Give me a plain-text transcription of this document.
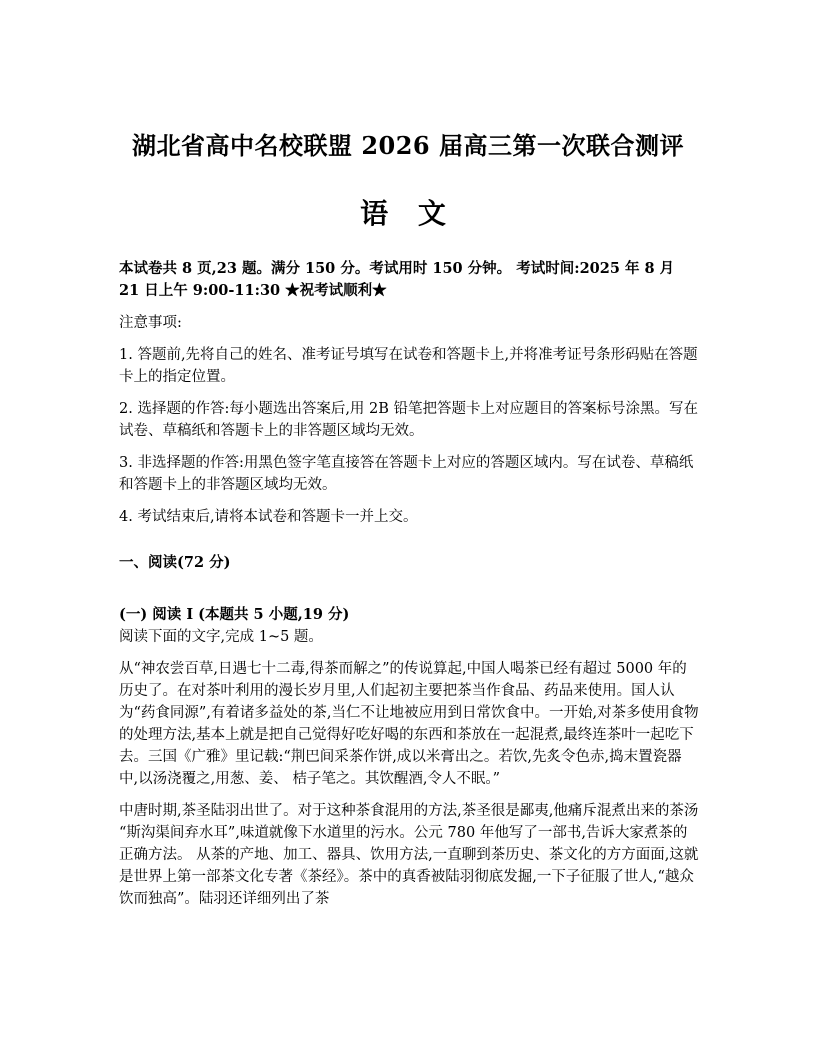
湖北省高中名校联盟 2026 届高三第一次联合测评
语 文

本试卷共 8 页,23 题。满分 150 分。考试用时 150 分钟。 考试时间:2025 年 8 月 21 日上午 9:00-11:30 ★祝考试顺利★

注意事项:

1. 答题前,先将自己的姓名、准考证号填写在试卷和答题卡上,并将准考证号条形码贴在答题卡上的指定位置。

2. 选择题的作答:每小题选出答案后,用 2B 铅笔把答题卡上对应题目的答案标号涂黑。写在试卷、草稿纸和答题卡上的非答题区域均无效。

3. 非选择题的作答:用黑色签字笔直接答在答题卡上对应的答题区域内。写在试卷、草稿纸和答题卡上的非答题区域均无效。

4. 考试结束后,请将本试卷和答题卡一并上交。

一、阅读(72 分)

(一) 阅读 I (本题共 5 小题,19 分)

阅读下面的文字,完成 1~5 题。

从“神农尝百草,日遇七十二毒,得茶而解之”的传说算起,中国人喝茶已经有超过 5000 年的历史了。在对茶叶利用的漫长岁月里,人们起初主要把茶当作食品、药品来使用。国人认为“药食同源”,有着诸多益处的茶,当仁不让地被应用到日常饮食中。一开始,对茶多使用食物的处理方法,基本上就是把自己觉得好吃好喝的东西和茶放在一起混煮,最终连茶叶一起吃下去。三国《广雅》里记载:“荆巴间采茶作饼,成以米膏出之。若饮,先炙令色赤,捣末置瓷器中,以汤浇覆之,用葱、姜、 桔子笔之。其饮醒酒,令人不眠。”

中唐时期,茶圣陆羽出世了。对于这种茶食混用的方法,茶圣很是鄙夷,他痛斥混煮出来的茶汤 “斯沟渠间弃水耳”,味道就像下水道里的污水。公元 780 年他写了一部书,告诉大家煮茶的正确方法。 从茶的产地、加工、器具、饮用方法,一直聊到茶历史、茶文化的方方面面,这就是世界上第一部茶文化专著《茶经》。茶中的真香被陆羽彻底发掘,一下子征服了世人,“越众饮而独高”。陆羽还详细列出了茶
